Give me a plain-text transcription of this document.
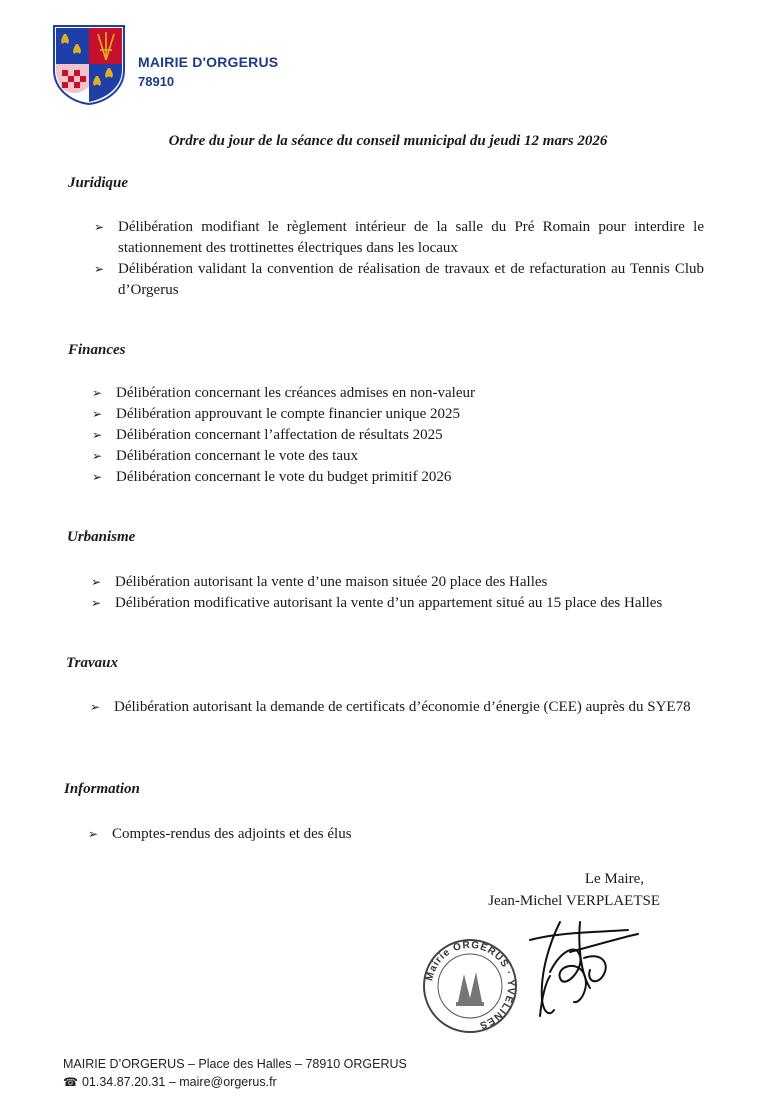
MAIRIE D'ORGERUS
78910
Ordre du jour de la séance du conseil municipal du jeudi 12 mars 2026
Juridique
➢ Délibération modifiant le règlement intérieur de la salle du Pré Romain pour interdire le stationnement des trottinettes électriques dans les locaux
➢ Délibération validant la convention de réalisation de travaux et de refacturation au Tennis Club d’Orgerus
Finances
➢ Délibération concernant les créances admises en non-valeur
➢ Délibération approuvant le compte financier unique 2025
➢ Délibération concernant l’affectation de résultats 2025
➢ Délibération concernant le vote des taux
➢ Délibération concernant le vote du budget primitif 2026
Urbanisme
➢ Délibération autorisant la vente d’une maison située 20 place des Halles
➢ Délibération modificative autorisant la vente d’un appartement situé au 15 place des Halles
Travaux
➢ Délibération autorisant la demande de certificats d’économie d’énergie (CEE) auprès du SYE78
Information
➢ Comptes-rendus des adjoints et des élus
Le Maire,
Jean-Michel VERPLAETSE
Mairie ORGERUS · YVELINES
MAIRIE D’ORGERUS – Place des Halles – 78910 ORGERUS
☎ 01.34.87.20.31 – maire@orgerus.fr
